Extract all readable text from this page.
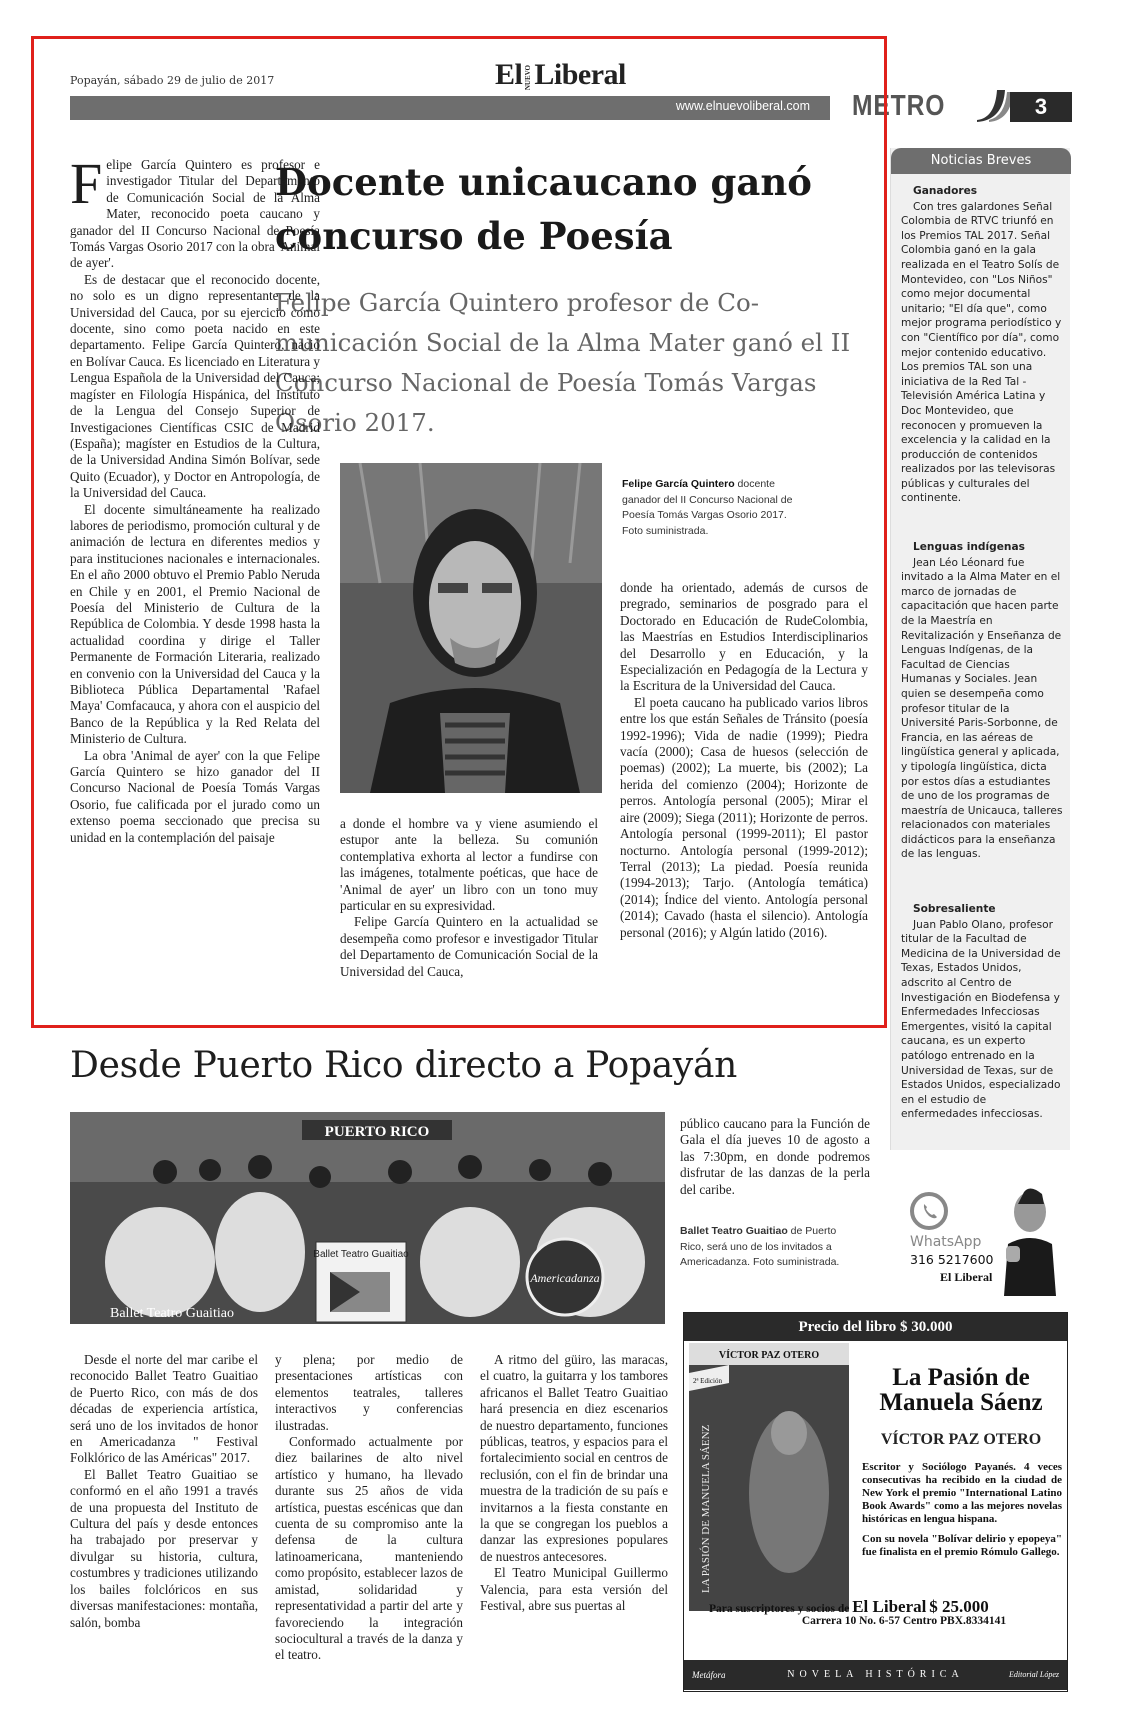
Popayán, sábado 29 de julio de 2017	El NUEVOLiberal
www.elnuevoliberal.com METRO	3
Docente unicaucano ganó
concurso de Poesía
Felipe García Quintero profesor de Co-municación Social de la Alma Mater ganó el II Concurso Nacional de Poesía Tomás Vargas Osorio 2017.

Felipe García Quintero es profesor e investigador Titular del Departamento de Comunicación Social de la Alma Mater, reconocido poeta caucano y ganador del II Concurso Nacional de Poesía Tomás Vargas Osorio 2017 con la obra 'Animal de ayer'.

Es de destacar que el reconocido docente, no solo es un digno representante de la Universidad del Cauca, por su ejercicio como docente, sino como poeta nacido en este departamento. Felipe García Quintero, nació en Bolívar Cauca. Es licenciado en Literatura y Lengua Española de la Universidad del Cauca; magíster en Filología Hispánica, del Instituto de la Lengua del Consejo Superior de Investigaciones Científicas CSIC de Madrid (España); magíster en Estudios de la Cultura, de la Universidad Andina Simón Bolívar, sede Quito (Ecuador), y Doctor en Antropología, de la Universidad del Cauca.

El docente simultáneamente ha realizado labores de periodismo, promoción cultural y de animación de lectura en diferentes medios y para instituciones nacionales e internacionales. En el año 2000 obtuvo el Premio Pablo Neruda en Chile y en 2001, el Premio Nacional de Poesía del Ministerio de Cultura de la República de Colombia. Y desde 1998 hasta la actualidad coordina y dirige el Taller Permanente de Formación Literaria, realizado en convenio con la Universidad del Cauca y la Biblioteca Pública Departamental 'Rafael Maya' Comfacauca, y ahora con el auspicio del Banco de la República y la Red Relata del Ministerio de Cultura.

La obra 'Animal de ayer' con la que Felipe García Quintero se hizo ganador del II Concurso Nacional de Poesía Tomás Vargas Osorio, fue calificada por el jurado como un extenso poema seccionado que precisa su unidad en la contemplación del paisaje

Felipe García Quintero docente ganador del II Concurso Nacional de Poesía Tomás Vargas Osorio 2017. Foto suministrada.

a donde el hombre va y viene asumiendo el estupor ante la belleza. Su comunión contemplativa exhorta al lector a fundirse con las imágenes, totalmente poéticas, que hace de 'Animal de ayer' un libro con un tono muy particular en su expresividad.

Felipe García Quintero en la actualidad se desempeña como profesor e investigador Titular del Departamento de Comunicación Social de la Universidad del Cauca,

donde ha orientado, además de cursos de pregrado, seminarios de posgrado para el Doctorado en Educación de RudeColombia, las Maestrías en Estudios Interdisciplinarios del Desarrollo y en Educación, y la Especialización en Pedagogía de la Lectura y la Escritura de la Universidad del Cauca.

El poeta caucano ha publicado varios libros entre los que están Señales de Tránsito (poesía 1992-1996); Vida de nadie (1999); Piedra vacía (2000); Casa de huesos (selección de poemas) (2002); La muerte, bis (2002); La herida del comienzo (2004); Horizonte de perros. Antología personal (2005); Mirar el aire (2009); Siega (2011); Horizonte de perros. Antología personal (1999-2011); El pastor nocturno. Antología personal (1999-2012); Terral (2013); La piedad. Poesía reunida (1994-2013); Tarjo. (Antología temática) (2014); Índice del viento. Antología personal (2014); Cavado (hasta el silencio). Antología personal (2016); y Algún latido (2016).

Noticias Breves
Ganadores

Con tres galardones Señal Colombia de RTVC triunfó en los Premios TAL 2017. Señal Colombia ganó en la gala realizada en el Teatro Solís de Montevideo, con "Los Niños" como mejor documental unitario; "El día que", como mejor programa periodístico y con "Científico por día", como mejor contenido educativo. Los premios TAL son una iniciativa de la Red Tal - Televisión América Latina y Doc Montevideo, que reconocen y promueven la excelencia y la calidad en la producción de contenidos realizados por las televisoras públicas y culturales del continente.

Lenguas indígenas

Jean Léo Léonard fue invitado a la Alma Mater en el marco de jornadas de capacitación que hacen parte de la Maestría en Revitalización y Enseñanza de Lenguas Indígenas, de la Facultad de Ciencias Humanas y Sociales. Jean quien se desempeña como profesor titular de la Université Paris-Sorbonne, de Francia, en las aéreas de lingüística general y aplicada, y tipología lingüística, dicta por estos días a estudiantes de uno de los programas de maestría de Unicauca, talleres relacionados con materiales didácticos para la enseñanza de las lenguas.

Sobresaliente

Juan Pablo Olano, profesor titular de la Facultad de Medicina de la Universidad de Texas, Estados Unidos, adscrito al Centro de Investigación en Biodefensa y Enfermedades Infecciosas Emergentes, visitó la capital caucana, es un experto patólogo entrenado en la Universidad de Texas, sur de Estados Unidos, especializado en el estudio de enfermedades infecciosas.

WhatsApp
316 5217600
El Liberal
Desde Puerto Rico directo a Popayán
PUERTO RICO
Ballet Teatro Guaitiao
Americadanza
Ballet Teatro Guaitiao

público caucano para la Función de Gala el día jueves 10 de agosto a las 7:30pm, en donde podremos disfrutar de las danzas de la perla del caribe.

Ballet Teatro Guaitiao de Puerto Rico, será uno de los invitados a Americadanza. Foto suministrada.

Desde el norte del mar caribe el reconocido Ballet Teatro Guaitiao de Puerto Rico, con más de dos décadas de experiencia artística, será uno de los invitados de honor en Americadanza " Festival Folklórico de las Américas" 2017.

El Ballet Teatro Guaitiao se conformó en el año 1991 a través de una propuesta del Instituto de Cultura del país y desde entonces ha trabajado por preservar y divulgar su historia, cultura, costumbres y tradiciones utilizando los bailes folclóricos en sus diversas manifestaciones: montaña, salón, bomba

y plena; por medio de presentaciones artísticas con elementos teatrales, talleres interactivos y conferencias ilustradas.

Conformado actualmente por diez bailarines de alto nivel artístico y humano, ha llevado durante sus 25 años de vida artística, puestas escénicas que dan cuenta de su compromiso ante la defensa de la cultura latinoamericana, manteniendo como propósito, establecer lazos de amistad, solidaridad y representatividad a partir del arte y favoreciendo la integración sociocultural a través de la danza y el teatro.

A ritmo del güiro, las maracas, el cuatro, la guitarra y los tambores africanos el Ballet Teatro Guaitiao hará presencia en diez escenarios de nuestro departamento, funciones públicas, teatros, y espacios para el fortalecimiento social en centros de reclusión, con el fin de brindar una muestra de la tradición de su país e invitarnos a la fiesta constante en la que se congregan los pueblos a danzar las expresiones populares de nuestros antecesores.

El Teatro Municipal Guillermo Valencia, para esta versión del Festival, abre sus puertas al

Precio del libro $ 30.000
VÍCTOR PAZ OTERO
2ª Edición
LA PASIÓN DE MANUELA SÁENZ
La Pasión de
Manuela Sáenz
VÍCTOR PAZ OTERO

Escritor y Sociólogo Payanés. 4 veces consecutivas ha recibido en la ciudad de New York el premio "International Latino Book Awards" como a las mejores novelas históricas en lengua hispana.

Con su novela "Bolívar delirio y epopeya" fue finalista en el premio Rómulo Gallego.

Para suscriptores y socios de El Liberal $ 25.000
Carrera 10 No. 6-57 Centro PBX.8334141
Metáfora	NOVELA HISTÓRICA	Editorial López
